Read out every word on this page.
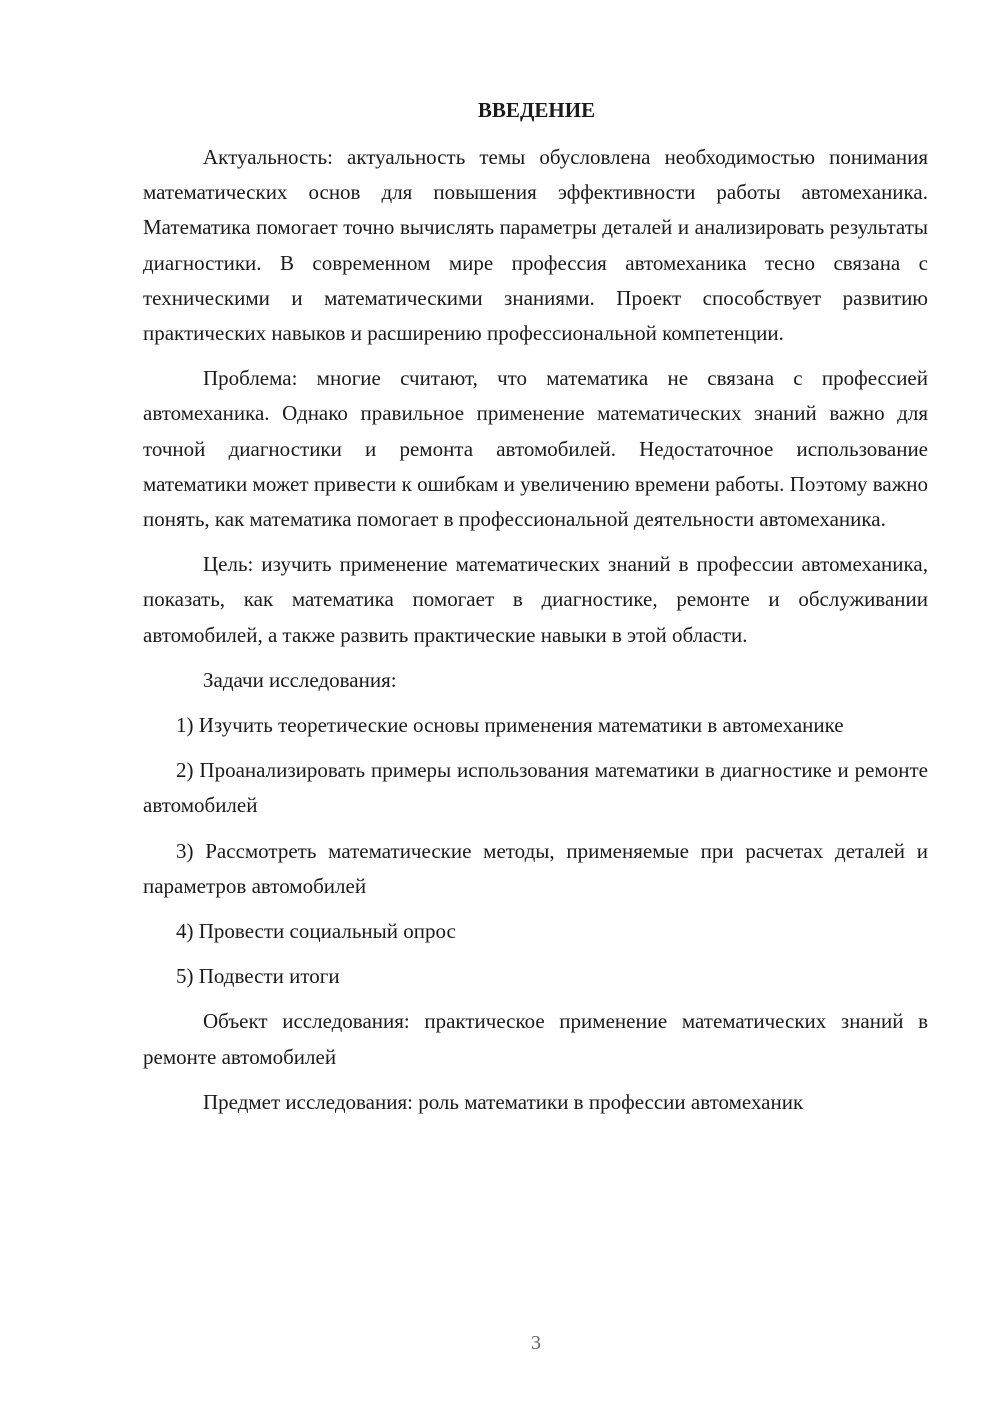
ВВЕДЕНИЕ

Актуальность: актуальность темы обусловлена необходимостью понимания математических основ для повышения эффективности работы автомеханика. Математика помогает точно вычислять параметры деталей и анализировать результаты диагностики. В современном мире профессия автомеханика тесно связана с техническими и математическими знаниями. Проект способствует развитию практических навыков и расширению профессиональной компетенции.

Проблема: многие считают, что математика не связана с профессией автомеханика. Однако правильное применение математических знаний важно для точной диагностики и ремонта автомобилей. Недостаточное использование математики может привести к ошибкам и увеличению времени работы. Поэтому важно понять, как математика помогает в профессиональной деятельности автомеханика.

Цель: изучить применение математических знаний в профессии автомеханика, показать, как математика помогает в диагностике, ремонте и обслуживании автомобилей, а также развить практические навыки в этой области.

Задачи исследования:

1) Изучить теоретические основы применения математики в автомеханике

2) Проанализировать примеры использования математики в диагностике и ремонте автомобилей

3) Рассмотреть математические методы, применяемые при расчетах деталей и параметров автомобилей

4) Провести социальный опрос

5) Подвести итоги

Объект исследования: практическое применение математических знаний в ремонте автомобилей

Предмет исследования: роль математики в профессии автомеханик

3
